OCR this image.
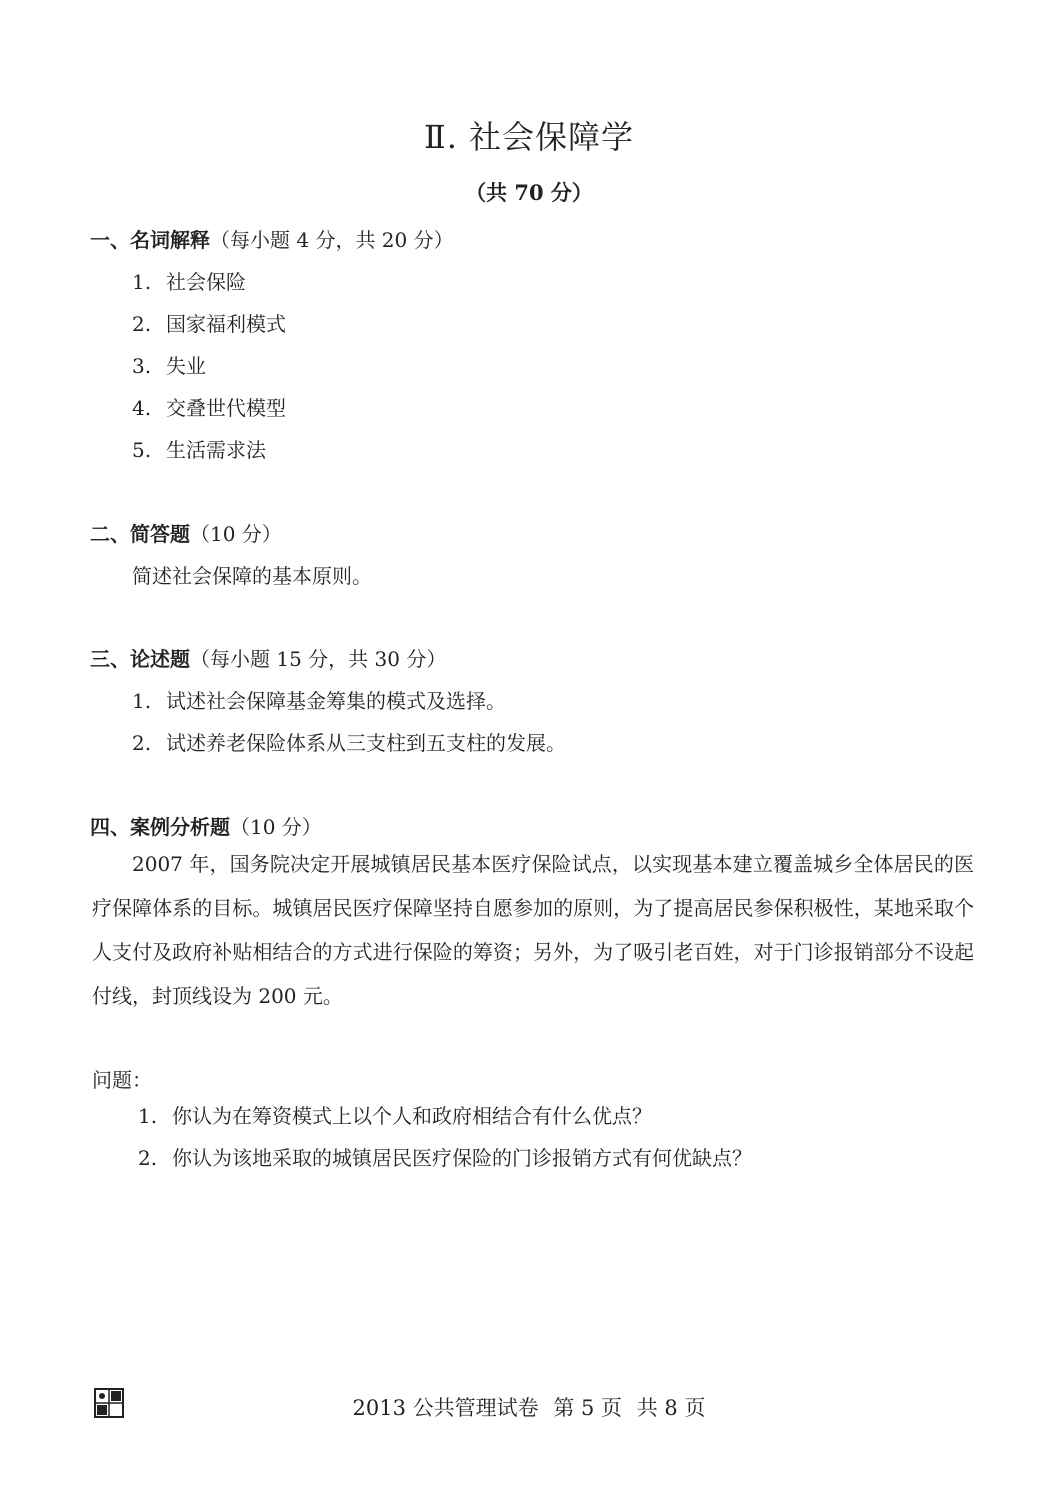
Ⅱ. 社会保障学
（共 70 分）
一、名词解释（每小题 4 分，共 20 分）
1. 社会保险
2. 国家福利模式
3. 失业
4. 交叠世代模型
5. 生活需求法
二、简答题（10 分）
简述社会保障的基本原则。
三、论述题（每小题 15 分，共 30 分）
1. 试述社会保障基金筹集的模式及选择。
2. 试述养老保险体系从三支柱到五支柱的发展。
四、案例分析题（10 分）
2007 年，国务院决定开展城镇居民基本医疗保险试点，以实现基本建立覆盖城乡全体居民的医疗保障体系的目标。城镇居民医疗保障坚持自愿参加的原则，为了提高居民参保积极性，某地采取个人支付及政府补贴相结合的方式进行保险的筹资；另外，为了吸引老百姓，对于门诊报销部分不设起付线，封顶线设为 200 元。
问题：
1. 你认为在筹资模式上以个人和政府相结合有什么优点？
2. 你认为该地采取的城镇居民医疗保险的门诊报销方式有何优缺点？
2013 公共管理试卷 第 5 页 共 8 页
